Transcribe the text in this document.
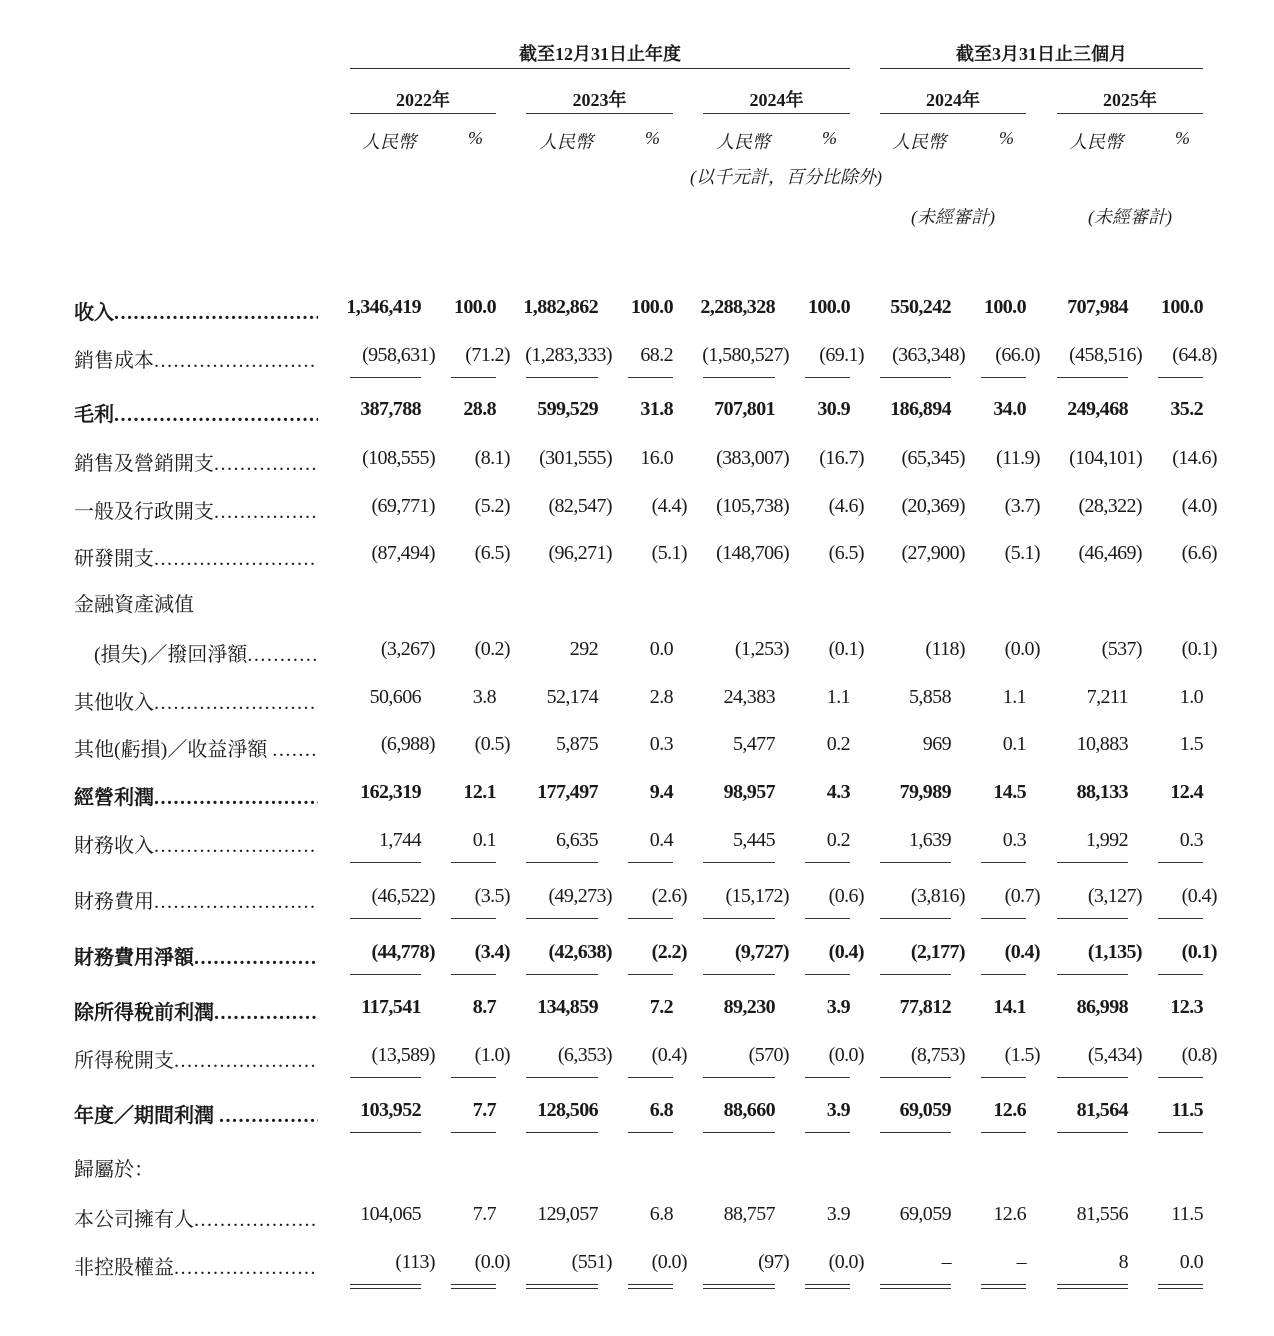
截至12月31日止年度	截至3月31日止三個月
2022年	2023年	2024年	2024年	2025年
人民幣	%	人民幣	%	人民幣	%	人民幣	%	人民幣	%
(以千元計，百分比除外)
(未經審計)	(未經審計)
收入 .....	1,346,419 100.0 1,882,862 100.0 2,288,328 100.0 550,242 100.0 707,984 100.0
銷售成本 .....	(958,631) (71.2) (1,283,333) 68.2 (1,580,527) (69.1) (363,348) (66.0) (458,516) (64.8)
毛利 .....	387,788 28.8 599,529 31.8 707,801 30.9 186,894 34.0 249,468 35.2
銷售及營銷開支 .....	(108,555) (8.1) (301,555) 16.0 (383,007) (16.7) (65,345) (11.9) (104,101) (14.6)
一般及行政開支 .....	(69,771) (5.2) (82,547) (4.4) (105,738) (4.6) (20,369) (3.7) (28,322) (4.0)
研發開支 .....	(87,494) (6.5) (96,271) (5.1) (148,706) (6.5) (27,900) (5.1) (46,469) (6.6)
金融資產減值
　(損失)／撥回淨額 .....	(3,267) (0.2)	292	0.0	(1,253) (0.1)	(118) (0.0)	(537) (0.1)
其他收入 .....	50,606	3.8	52,174	2.8	24,383	1.1	5,858	1.1	7,211	1.0
其他(虧損)／收益淨額 .....	(6,988) (0.5) 5,875	0.3	5,477	0.2	969	0.1	10,883	1.5
經營利潤 .....	162,319 12.1 177,497	9.4	98,957	4.3 79,989 14.5	88,133 12.4
財務收入 .....	1,744	0.1	6,635	0.4	5,445	0.2	1,639	0.3	1,992	0.3
財務費用 .....	(46,522) (3.5) (49,273) (2.6) (15,172) (0.6) (3,816) (0.7) (3,127) (0.4)
財務費用淨額 .....	(44,778) (3.4) (42,638) (2.2) (9,727) (0.4) (2,177) (0.4) (1,135) (0.1)
除所得稅前利潤 .....	117,541	8.7 134,859	7.2	89,230	3.9 77,812 14.1	86,998 12.3
所得稅開支 .....	(13,589) (1.0) (6,353) (0.4)	(570) (0.0) (8,753) (1.5) (5,434) (0.8)
年度／期間利潤 .....	103,952	7.7 128,506	6.8	88,660	3.9 69,059 12.6	81,564 11.5
歸屬於：
本公司擁有人 .....	104,065	7.7 129,057	6.8	88,757	3.9 69,059 12.6	81,556 11.5
非控股權益 .....	(113) (0.0)	(551) (0.0)	(97) (0.0)	–	–	8	0.0
